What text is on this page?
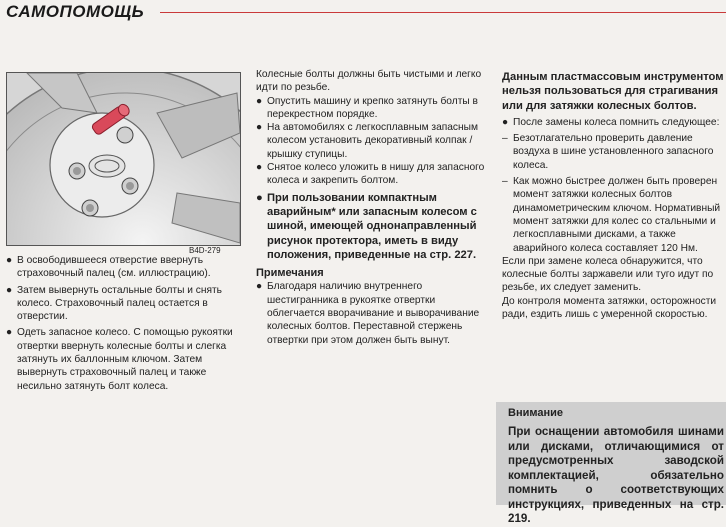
САМОПОМОЩЬ
B4D-279
● В освободившееся отверстие ввернуть страховочный палец (см. иллюстрацию).
● Затем вывернуть остальные болты и снять колесо. Страховочный палец остается в отверстии.
● Одеть запасное колесо. С помощью рукоятки отвертки ввернуть колесные болты и слегка затянуть их баллонным ключом. Затем вывернуть страховочный палец и также несильно затянуть болт колеса.

Колесные болты должны быть чистыми и легко идти по резьбе.

● Опустить машину и крепко затянуть болты в перекрестном порядке.
● На автомобилях с легкосплавным запасным колесом установить декоративный колпак / крышку ступицы.
● Снятое колесо уложить в нишу для запасного колеса и закрепить болтом.
● При пользовании компактным аварийным* или запасным колесом с шиной, имеющей однонаправленный рисунок протектора, иметь в виду положения, приведенные на стр. 227.
Примечания
● Благодаря наличию внутреннего шестигранника в рукоятке отвертки облегчается вворачивание и выворачивание колесных болтов. Переставной стержень отвертки при этом должен быть вынут.

Данным пластмассовым инструментом нельзя пользоваться для страгивания или для затяжки колесных болтов.

● После замены колеса помнить следующее:
– Безотлагательно проверить давление воздуха в шине установленного запасного колеса.
– Как можно быстрее должен быть проверен момент затяжки колесных болтов динамометрическим ключом. Нормативный момент затяжки для колес со стальными и легкосплавными дисками, а также аварийного колеса составляет 120 Нм.

Если при замене колеса обнаружится, что колесные болты заржавели или туго идут по резьбе, их следует заменить.

До контроля момента затяжки, осторожности ради, ездить лишь с умеренной скоростью.

Внимание
При оснащении автомобиля шинами или дисками, отличающимися от предусмотренных заводской комплектацией, обязательно помнить о соответствующих инструкциях, приведенных на стр. 219.
